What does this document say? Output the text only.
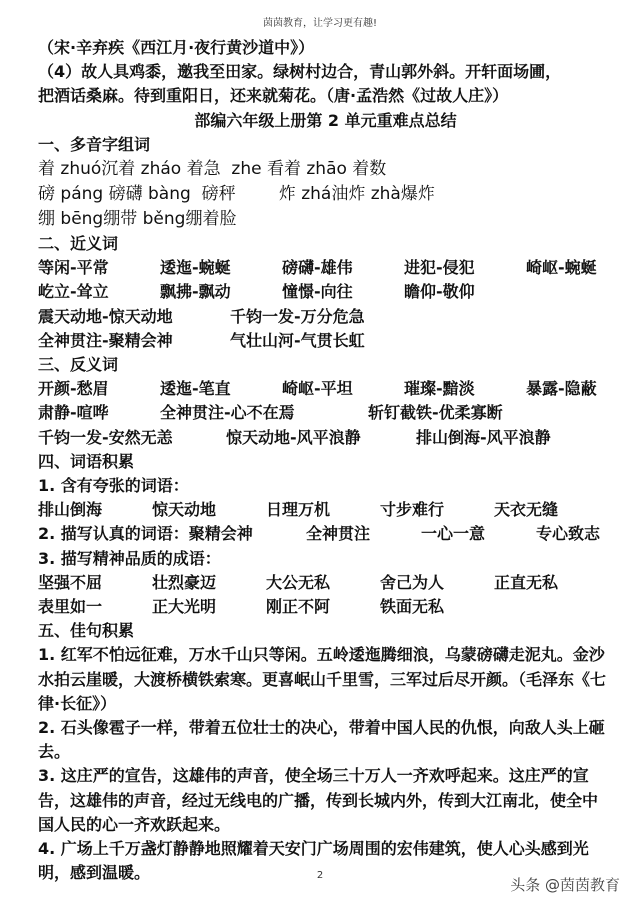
茵茵教育，让学习更有趣!
（宋·辛弃疾《西江月·夜行黄沙道中》）
（4）故人具鸡黍，邀我至田家。绿树村边合，青山郭外斜。开轩面场圃，
把酒话桑麻。待到重阳日，还来就菊花。（唐·孟浩然《过故人庄》）
部编六年级上册第 2 单元重难点总结
一、多音字组词
着 zhuó沉着 zháo 着急  zhe 看着 zhāo 着数
磅 páng 磅礴 bàng  磅秤        炸 zhá油炸 zhà爆炸
绷 bēng绷带 běng绷着脸
二、近义词
等闲-平常	逶迤-蜿蜒	磅礴-雄伟	进犯-侵犯	崎岖-蜿蜒
屹立-耸立	飘拂-飘动	憧憬-向往	瞻仰-敬仰
震天动地-惊天动地	千钧一发-万分危急
全神贯注-聚精会神	气壮山河-气贯长虹
三、反义词
开颜-愁眉	逶迤-笔直	崎岖-平坦	璀璨-黯淡	暴露-隐蔽
肃静-喧哗	全神贯注-心不在焉	斩钉截铁-优柔寡断
千钧一发-安然无恙	惊天动地-风平浪静	排山倒海-风平浪静
四、词语积累
1. 含有夸张的词语：
排山倒海	惊天动地	日理万机	寸步难行	天衣无缝
2. 描写认真的词语：聚精会神	全神贯注	一心一意	专心致志
3. 描写精神品质的成语：
坚强不屈	壮烈豪迈	大公无私	舍己为人	正直无私
表里如一	正大光明	刚正不阿	铁面无私
五、佳句积累
1. 红军不怕远征难，万水千山只等闲。五岭逶迤腾细浪，乌蒙磅礴走泥丸。金沙水拍云崖暖，大渡桥横铁索寒。更喜岷山千里雪，三军过后尽开颜。（毛泽东《七律·长征》）
2. 石头像雹子一样，带着五位壮士的决心，带着中国人民的仇恨，向敌人头上砸去。
3. 这庄严的宣告，这雄伟的声音，使全场三十万人一齐欢呼起来。这庄严的宣告，这雄伟的声音，经过无线电的广播，传到长城内外，传到大江南北，使全中国人民的心一齐欢跃起来。
4. 广场上千万盏灯静静地照耀着天安门广场周围的宏伟建筑，使人心头感到光明，感到温暖。	2
头条 @茵茵教育
